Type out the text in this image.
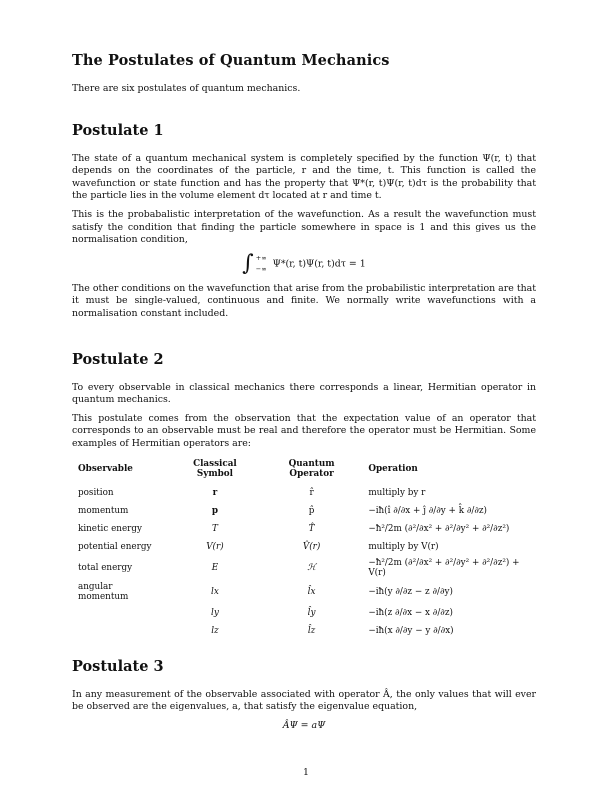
The Postulates of Quantum Mechanics

There are six postulates of quantum mechanics.

Postulate 1

The state of a quantum mechanical system is completely specified by the function Ψ(r, t) that depends on the coordinates of the particle, r and the time, t. This function is called the wavefunction or state function and has the property that Ψ*(r, t)Ψ(r, t)dτ is the probability that the particle lies in the volume element dτ located at r and time t.

This is the probabalistic interpretation of the wavefunction. As a result the wavefunction must satisfy the condition that finding the particle somewhere in space is 1 and this gives us the normalisation condition,

∫ +∞
−∞ Ψ*(r, t)Ψ(r, t)dτ = 1

The other conditions on the wavefunction that arise from the probabilistic interpretation are that it must be single-valued, continuous and finite. We normally write wavefunctions with a normalisation constant included.

Postulate 2

To every observable in classical mechanics there corresponds a linear, Hermitian operator in quantum mechanics.

This postulate comes from the observation that the expectation value of an operator that corresponds to an observable must be real and therefore the operator must be Hermitian. Some examples of Hermitian operators are:

Observable	Classical Symbol	Quantum Operator	Operation
position	r	r̂	multiply by r
momentum	p	p̂	−iħ(î ∂/∂x + ĵ ∂/∂y + k̂ ∂/∂z)
kinetic energy	T	T̂	−ħ²/2m (∂²/∂x² + ∂²/∂y² + ∂²/∂z²)
potential energy	V(r)	V̂(r)	multiply by V(r)
total energy	E	ℋ	−ħ²/2m (∂²/∂x² + ∂²/∂y² + ∂²/∂z²) + V(r)
angular momentum	lx	l̂x	−iħ(y ∂/∂z − z ∂/∂y)
	ly	l̂y	−iħ(z ∂/∂x − x ∂/∂z)
	lz	l̂z	−iħ(x ∂/∂y − y ∂/∂x)
Postulate 3

In any measurement of the observable associated with operator Â, the only values that will ever be observed are the eigenvalues, a, that satisfy the eigenvalue equation,

ÂΨ = aΨ
1
